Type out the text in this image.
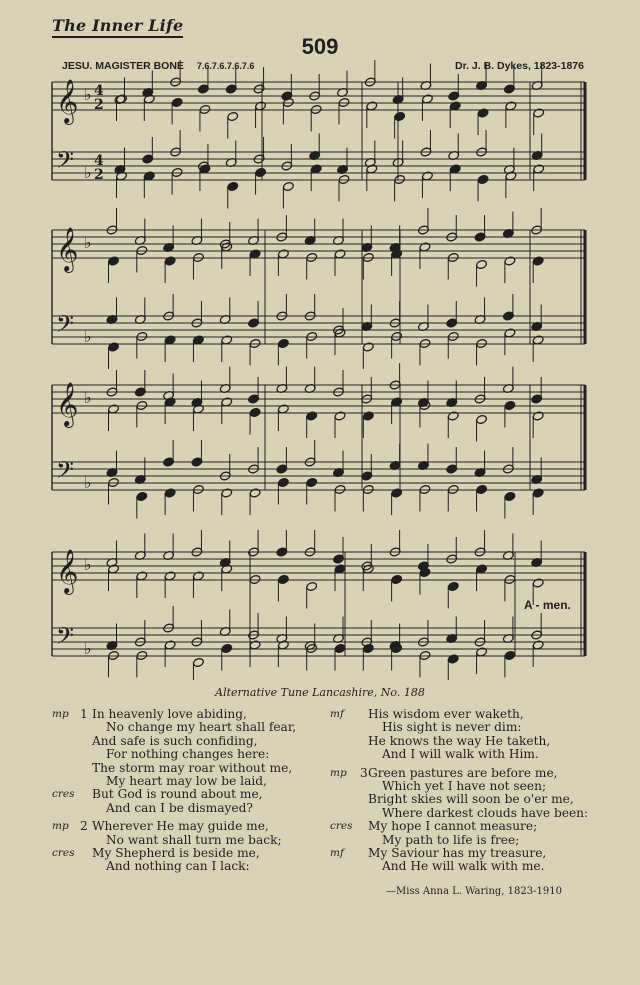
The Inner Life
509
JESU. MAGISTER BONE 7.6.7.6.7.6.7.6	Dr. J. B. Dykes, 1823-1876
𝄞 ♭
𝄢 ♭
4
2
4
2
𝄞 ♭
𝄢 ♭
𝄞 ♭
𝄢 ♭
𝄞 ♭
𝄢 ♭
A - men.
Alternative Tune Lancashire, No. 188
mp 1 In heavenly love abiding,
No change my heart shall fear,
And safe is such confiding,
For nothing changes here:
The storm may roar without me,
My heart may low be laid,
cres	But God is round about me,
And can I be dismayed?
mp 2 Wherever He may guide me,
No want shall turn me back;
cres	My Shepherd is beside me,
And nothing can I lack:
mf	His wisdom ever waketh,
His sight is never dim:
He knows the way He taketh,
And I will walk with Him.
mp	3 Green pastures are before me,
Which yet I have not seen;
Bright skies will soon be o'er me,
Where darkest clouds have been:
cres	My hope I cannot measure;
My path to life is free;
mf	My Saviour has my treasure,
And He will walk with me.
—Miss Anna L. Waring, 1823-1910
